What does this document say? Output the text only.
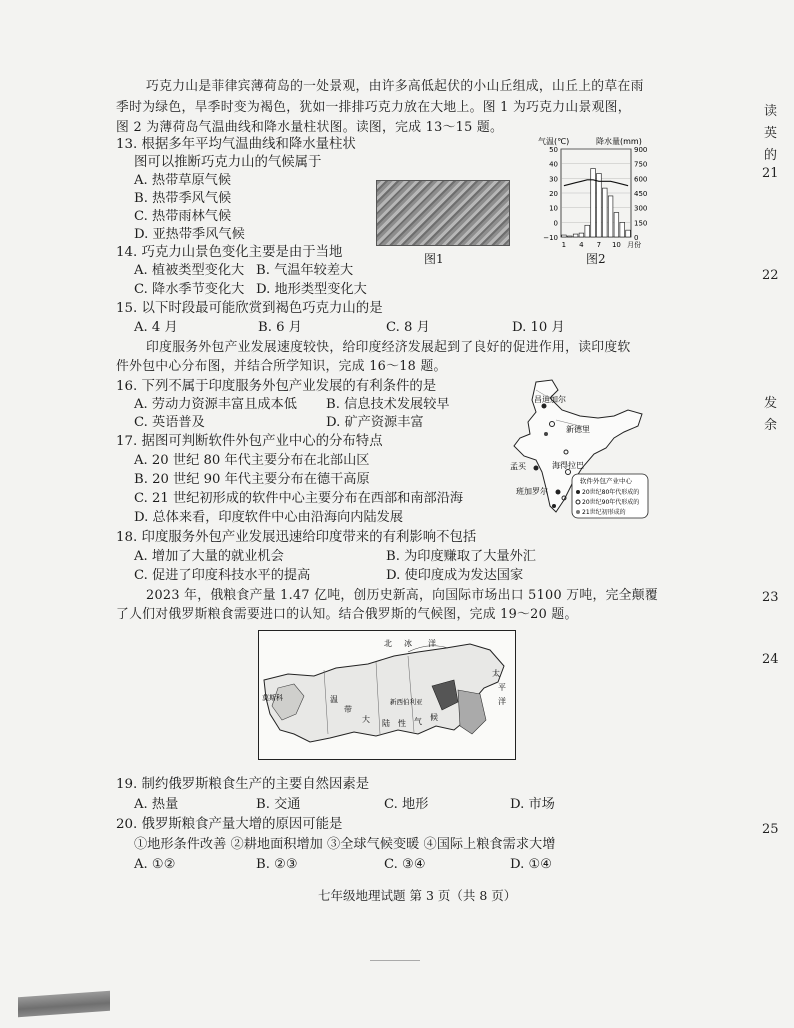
巧克力山是菲律宾薄荷岛的一处景观，由许多高低起伏的小山丘组成，山丘上的草在雨
季时为绿色，旱季时变为褐色，犹如一排排巧克力放在大地上。图 1 为巧克力山景观图，
图 2 为薄荷岛气温曲线和降水量柱状图。读图，完成 13～15 题。
13. 根据多年平均气温曲线和降水量柱状
图可以推断巧克力山的气候属于
A. 热带草原气候
B. 热带季风气候
C. 热带雨林气候
D. 亚热带季风气候
图1
气温(℃)	降水量(mm)
50
40
30
20
10
0
−10
900
750
600
450
300
150
0
1 4 7 10 月份
图2
14. 巧克力山景色变化主要是由于当地
A. 植被类型变化大 B. 气温年较差大
C. 降水季节变化大 D. 地形类型变化大
15. 以下时段最可能欣赏到褐色巧克力山的是
A. 4 月	B. 6 月	C. 8 月	D. 10 月
印度服务外包产业发展速度较快，给印度经济发展起到了良好的促进作用，读印度软
件外包中心分布图，并结合所学知识，完成 16～18 题。
16. 下列不属于印度服务外包产业发展的有利条件的是
A. 劳动力资源丰富且成本低 B. 信息技术发展较早
C. 英语普及	D. 矿产资源丰富
昌迪加尔
新德里
孟买	海得拉巴
班加罗尔
软件外包产业中心
20世纪80年代形成的
20世纪90年代形成的
21世纪初形成的
17. 据图可判断软件外包产业中心的分布特点
A. 20 世纪 80 年代主要分布在北部山区
B. 20 世纪 90 年代主要分布在德干高原
C. 21 世纪初形成的软件中心主要分布在西部和南部沿海
D. 总体来看，印度软件中心由沿海向内陆发展
18. 印度服务外包产业发展迅速给印度带来的有利影响不包括
A. 增加了大量的就业机会	B. 为印度赚取了大量外汇
C. 促进了印度科技水平的提高	D. 使印度成为发达国家
2023 年，俄粮食产量 1.47 亿吨，创历史新高，向国际市场出口 5100 万吨，完全颠覆
了人们对俄罗斯粮食需要进口的认知。结合俄罗斯的气候图，完成 19～20 题。
北 冰 洋
莫斯科	温
带
大 陆 性 气 候
新西伯利亚
太
平
洋
19. 制约俄罗斯粮食生产的主要自然因素是
A. 热量	B. 交通	C. 地形	D. 市场
20. 俄罗斯粮食产量大增的原因可能是
①地形条件改善 ②耕地面积增加 ③全球气候变暖 ④国际上粮食需求大增
A. ①②	B. ②③	C. ③④	D. ①④
七年级地理试题 第 3 页（共 8 页）
读
英
的
21
22
发
余
23
24
25
